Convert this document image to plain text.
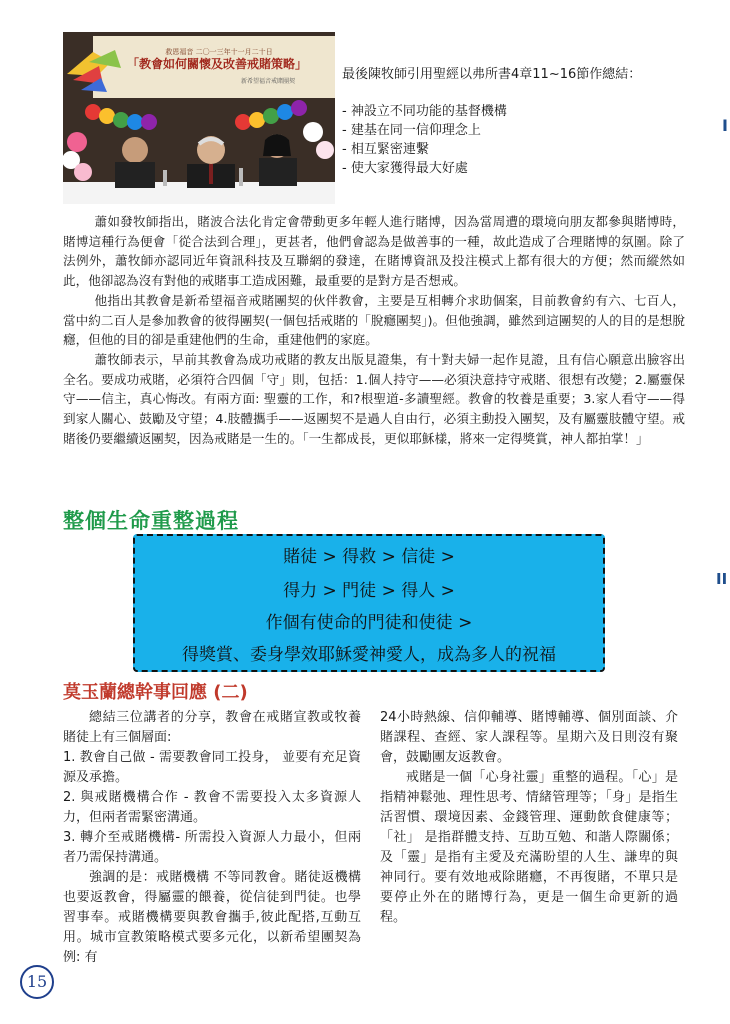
救恩福音 二〇一三年十一月二十日
「教會如何關懷及改善戒賭策略」
新希望福音戒賭團契	最後陳牧師引用聖經以弗所書4章11~16節作總結：

- 神設立不同功能的基督機構
- 建基在同一信仰理念上
- 相互緊密連繫
- 使大家獲得最大好處
I
II

蕭如發牧師指出，賭波合法化肯定會帶動更多年輕人進行賭博，因為當周遭的環境向朋友都參與賭博時，賭博這種行為便會「從合法到合理」，更甚者，他們會認為是做善事的一種，故此造成了合理賭博的氛圍。除了法例外，蕭牧師亦認同近年資訊科技及互聯網的發達，在賭博資訊及投注模式上都有很大的方便；然而縱然如此，他卻認為沒有對他的戒賭事工造成困難，最重要的是對方是否想戒。

他指出其教會是新希望福音戒賭團契的伙伴教會，主要是互相轉介求助個案，目前教會約有六、七百人，當中約二百人是參加教會的彼得團契(一個包括戒賭的「脫癮團契」)。但他強調，雖然到這團契的人的目的是想脫癮，但他的目的卻是重建他們的生命，重建他們的家庭。

蕭牧師表示，早前其教會為成功戒賭的教友出版見證集，有十對夫婦一起作見證，且有信心願意出臉容出全名。要成功戒賭，必須符合四個「守」則，包括：1.個人持守——必須決意持守戒賭、很想有改變；2.屬靈保守——信主，真心悔改。有兩方面: 聖靈的工作，和?根聖道-多讀聖經。教會的牧養是重要；3.家人看守——得到家人關心、鼓勵及守望；4.肢體攜手——返團契不是過人自由行，必須主動投入團契，及有屬靈肢體守望。戒賭後仍要繼續返團契，因為戒賭是一生的。「一生都成長，更似耶穌樣，將來一定得獎賞，神人都拍掌！」

整個生命重整過程
賭徒 > 得救 > 信徒 >
得力 > 門徒 > 得人 >
作個有使命的門徒和使徒 >
得獎賞、委身學效耶穌愛神愛人，成為多人的祝福
莫玉蘭總幹事回應 (二)

總結三位講者的分享，教會在戒賭宣教或牧養賭徒上有三個層面:

1. 教會自己做 - 需要教會同工投身， 並要有充足資源及承擔。

2. 與戒賭機構合作 - 教會不需要投入太多資源人力，但兩者需緊密溝通。

3. 轉介至戒賭機構- 所需投入資源人力最小，但兩者乃需保持溝通。

強調的是：戒賭機構 不等同教會。賭徒返機構也要返教會，得屬靈的餵養，從信徒到門徒。也學習事奉。戒賭機構要與教會攜手,彼此配搭,互動互用。城市宣教策略模式要多元化，以新希望團契為例: 有

24小時熱線、信仰輔導、賭博輔導、個別面談、介賭課程、查經、家人課程等。星期六及日則沒有聚會，鼓勵團友返教會。

戒賭是一個「心身社靈」重整的過程。「心」是指精神鬆弛、理性思考、情緒管理等；「身」是指生活習慣、環境因素、金錢管理、運動飲食健康等；「社」 是指群體支持、互助互勉、和諧人際關係；及「靈」是指有主愛及充滿盼望的人生、謙卑的與神同行。要有效地戒除賭癮，不再復賭，不單只是要停止外在的賭博行為，更是一個生命更新的過程。

15
